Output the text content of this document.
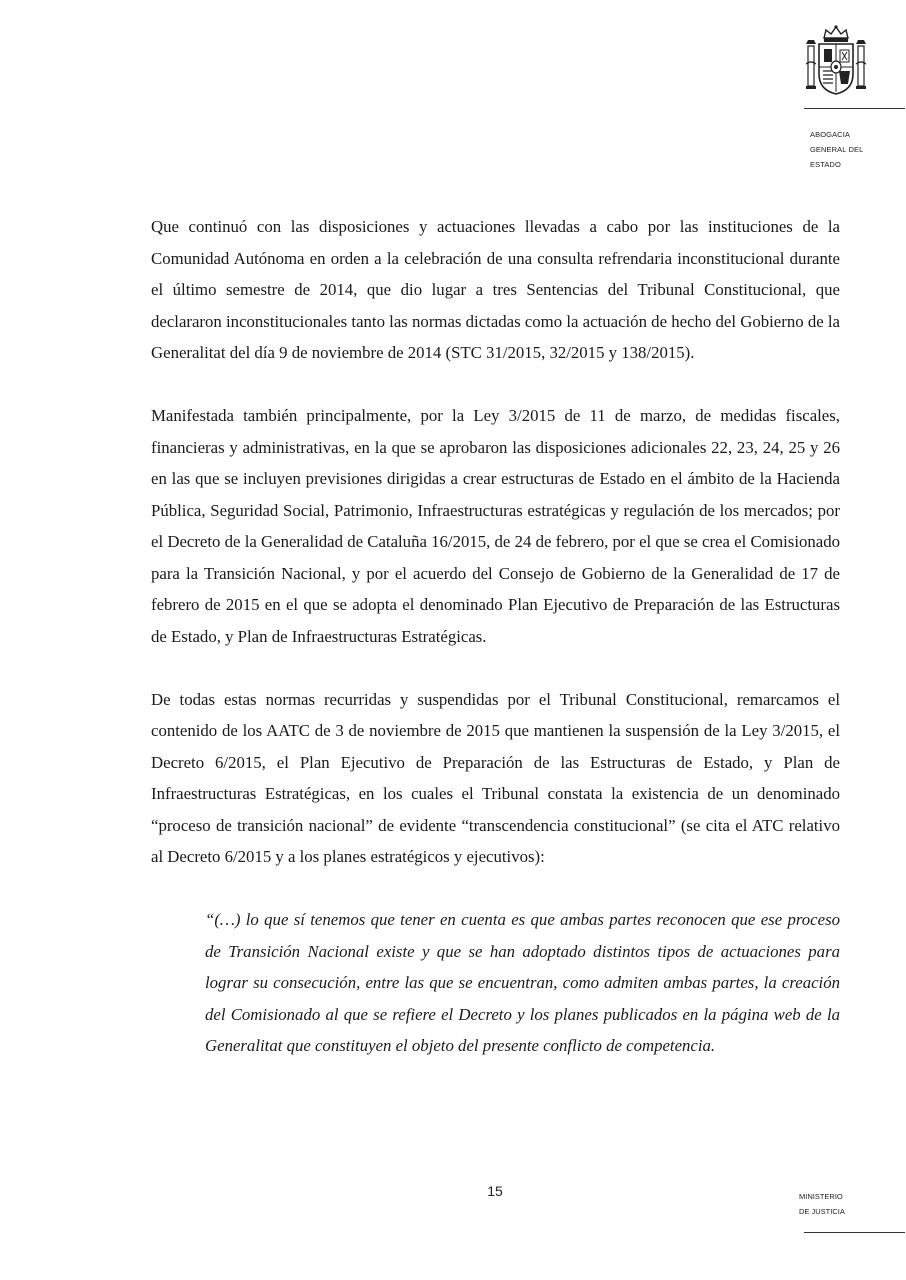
ABOGACIA
GENERAL DEL
ESTADO

Que continuó con las disposiciones y actuaciones llevadas a cabo por las instituciones de la Comunidad Autónoma en orden a la celebración de una consulta refrendaria inconstitucional durante el último semestre de 2014, que dio lugar a tres Sentencias del Tribunal Constitucional, que declararon inconstitucionales tanto las normas dictadas como la actuación de hecho del Gobierno de la Generalitat del día 9 de noviembre de 2014 (STC 31/2015, 32/2015 y 138/2015).

Manifestada también principalmente, por la Ley 3/2015 de 11 de marzo, de medidas fiscales, financieras y administrativas, en la que se aprobaron las disposiciones adicionales 22, 23, 24, 25 y 26 en las que se incluyen previsiones dirigidas a crear estructuras de Estado en el ámbito de la Hacienda Pública, Seguridad Social, Patrimonio, Infraestructuras estratégicas y regulación de los mercados; por el Decreto de la Generalidad de Cataluña 16/2015, de 24 de febrero, por el que se crea el Comisionado para la Transición Nacional, y por el acuerdo del Consejo de Gobierno de la Generalidad de 17 de febrero de 2015 en el que se adopta el denominado Plan Ejecutivo de Preparación de las Estructuras de Estado, y Plan de Infraestructuras Estratégicas.

De todas estas normas recurridas y suspendidas por el Tribunal Constitucional, remarcamos el contenido de los AATC de 3 de noviembre de 2015 que mantienen la suspensión de la Ley 3/2015, el Decreto 6/2015, el Plan Ejecutivo de Preparación de las Estructuras de Estado, y Plan de Infraestructuras Estratégicas, en los cuales el Tribunal constata la existencia de un denominado “proceso de transición nacional” de evidente “transcendencia constitucional” (se cita el ATC relativo al Decreto 6/2015 y a los planes estratégicos y ejecutivos):

“(…) lo que sí tenemos que tener en cuenta es que ambas partes reconocen que ese proceso de Transición Nacional existe y que se han adoptado distintos tipos de actuaciones para lograr su consecución, entre las que se encuentran, como admiten ambas partes, la creación del Comisionado al que se refiere el Decreto y los planes publicados en la página web de la Generalitat que constituyen el objeto del presente conflicto de competencia.

15	MINISTERIO
DE JUSTICIA
